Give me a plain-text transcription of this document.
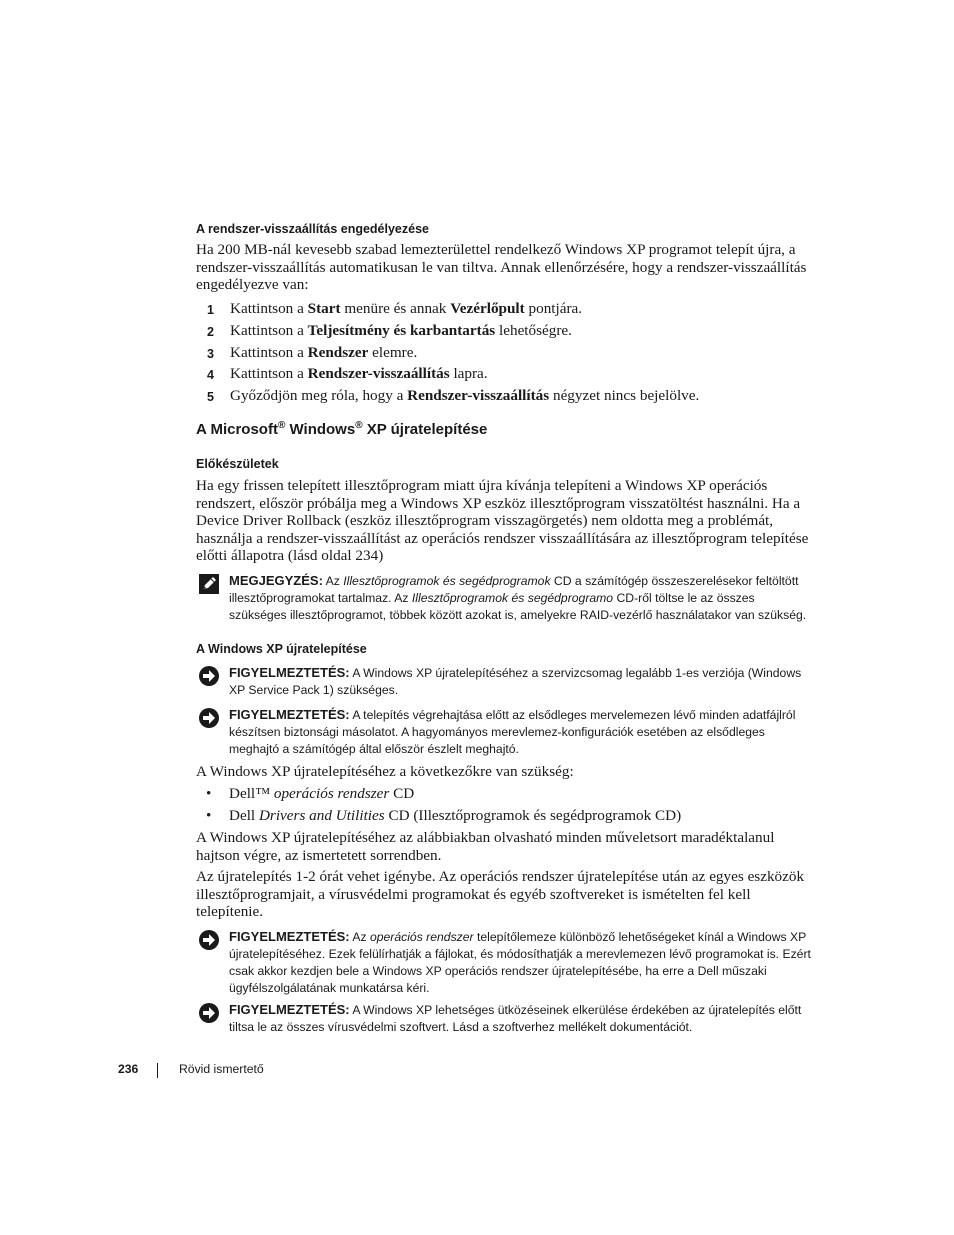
A rendszer-visszaállítás engedélyezése
Ha 200 MB-nál kevesebb szabad lemezterülettel rendelkező Windows XP programot telepít újra, a rendszer-visszaállítás automatikusan le van tiltva. Annak ellenőrzésére, hogy a rendszer-visszaállítás engedélyezve van:
1 Kattintson a Start menüre és annak Vezérlőpult pontjára.
2 Kattintson a Teljesítmény és karbantartás lehetőségre.
3 Kattintson a Rendszer elemre.
4 Kattintson a Rendszer-visszaállítás lapra.
5 Győződjön meg róla, hogy a Rendszer-visszaállítás négyzet nincs bejelölve.
A Microsoft® Windows® XP újratelepítése
Előkészületek
Ha egy frissen telepített illesztőprogram miatt újra kívánja telepíteni a Windows XP operációs rendszert, először próbálja meg a Windows XP eszköz illesztőprogram visszatöltést használni. Ha a Device Driver Rollback (eszköz illesztőprogram visszagörgetés) nem oldotta meg a problémát, használja a rendszer-visszaállítást az operációs rendszer visszaállítására az illesztőprogram telepítése előtti állapotra (lásd oldal 234)
MEGJEGYZÉS: Az Illesztőprogramok és segédprogramok CD a számítógép összeszerelésekor feltöltött illesztőprogramokat tartalmaz. Az Illesztőprogramok és segédprogramo CD-ről töltse le az összes szükséges illesztőprogramot, többek között azokat is, amelyekre RAID-vezérlő használatakor van szükség.
A Windows XP újratelepítése
FIGYELMEZTETÉS: A Windows XP újratelepítéséhez a szervizcsomag legalább 1-es verziója (Windows XP Service Pack 1) szükséges.
FIGYELMEZTETÉS: A telepítés végrehajtása előtt az elsődleges mervelemezen lévő minden adatfájlról készítsen biztonsági másolatot. A hagyományos merevlemez-konfigurációk esetében az elsődleges meghajtó a számítógép által először észlelt meghajtó.
A Windows XP újratelepítéséhez a következőkre van szükség:
• Dell™ operációs rendszer CD
• Dell Drivers and Utilities CD (Illesztőprogramok és segédprogramok CD)
A Windows XP újratelepítéséhez az alábbiakban olvasható minden műveletsort maradéktalanul hajtson végre, az ismertetett sorrendben.
Az újratelepítés 1-2 órát vehet igénybe. Az operációs rendszer újratelepítése után az egyes eszközök illesztőprogramjait, a vírusvédelmi programokat és egyéb szoftvereket is ismételten fel kell telepítenie.
FIGYELMEZTETÉS: Az operációs rendszer telepítőlemeze különböző lehetőségeket kínál a Windows XP újratelepítéséhez. Ezek felülírhatják a fájlokat, és módosíthatják a merevlemezen lévő programokat is. Ezért csak akkor kezdjen bele a Windows XP operációs rendszer újratelepítésébe, ha erre a Dell műszaki ügyfélszolgálatának munkatársa kéri.
FIGYELMEZTETÉS: A Windows XP lehetséges ütközéseinek elkerülése érdekében az újratelepítés előtt tiltsa le az összes vírusvédelmi szoftvert. Lásd a szoftverhez mellékelt dokumentációt.
236	Rövid ismertető
